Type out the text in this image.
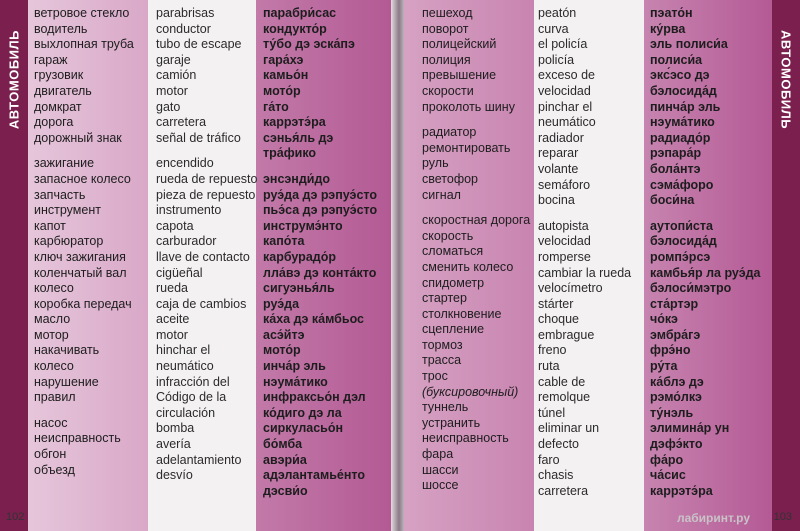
АВТОМОБИЛЬ
ветровое стекло
водитель
выхлопная труба
гараж
грузовик
двигатель
домкрат
дорога
дорожный знак
зажигание
запасное колесо
запчасть
инструмент
капот
карбюратор
ключ зажигания
коленчатый вал
колесо
коробка передач
масло
мотор
накачивать
колесо
нарушение
правил
насос
неисправность
обгон
объезд
parabrisas
conductor
tubo de escape
garaje
camión
motor
gato
carretera
señal de tráfico
encendido
rueda de repuesto
pieza de repuesto
instrumento
capota
carburador
llave de contacto
cigüeñal
rueda
caja de cambios
aceite
motor
hinchar el
neumático
infracción del
Código de la
circulación
bomba
avería
adelantamiento
desvío
парабри́сас
кондукто́р
ту́бо дэ эска́пэ
гара́хэ
камьо́н
мото́р
га́то
каррэтэ́ра
сэнья́ль дэ
тра́фико
энсэнди́до
руэ́да дэ рэпуэ́сто
пьэ́са дэ рэпуэ́сто
инструмэ́нто
капо́та
карбурадо́р
лла́вэ дэ конта́кто
сигуэнья́ль
руэ́да
ка́ха дэ ка́мбьос
асэ́йтэ
мото́р
инча́р эль
нэума́тико
инфраксьо́н дэл
ко́диго дэ ла
сиркуласьо́н
бо́мба
авэри́а
адэлантамье́нто
дэсви́о
102
АВТОМОБИЛЬ
пешеход
поворот
полицейский
полиция
превышение
скорости
проколоть шину
радиатор
ремонтировать
руль
светофор
сигнал
скоростная дорога
скорость
сломаться
сменить колесо
спидометр
стартер
столкновение
сцепление
тормоз
трасса
трос
(буксировочный)
туннель
устранить
неисправность
фара
шасси
шоссе
peatón
curva
el policía
policía
exceso de
velocidad
pinchar el
neumático
radiador
reparar
volante
semáforo
bocina
autopista
velocidad
romperse
cambiar la rueda
velocímetro
stárter
choque
embrague
freno
ruta
cable de
remolque
túnel
eliminar un
defecto
faro
chasis
carretera
пэато́н
ку́рва
эль полиси́а
полиси́а
экс́эсо дэ
бэлосида́д
пинча́р эль
нэума́тико
радиадо́р
рэпара́р
бола́нтэ
сэма́форо
боси́на
аутопи́ста
бэлосида́д
ромпэ́рсэ
камбья́р ла руэ́да
бэлоси́мэтро
ста́ртэр
чо́кэ
эмбра́гэ
фрэ́но
ру́та
ка́блэ дэ
рэмо́лкэ
ту́нэль
элимина́р ун
дэфэ́кто
фа́ро
ча́сис
каррэтэ́ра
лабиринт.ру 103
